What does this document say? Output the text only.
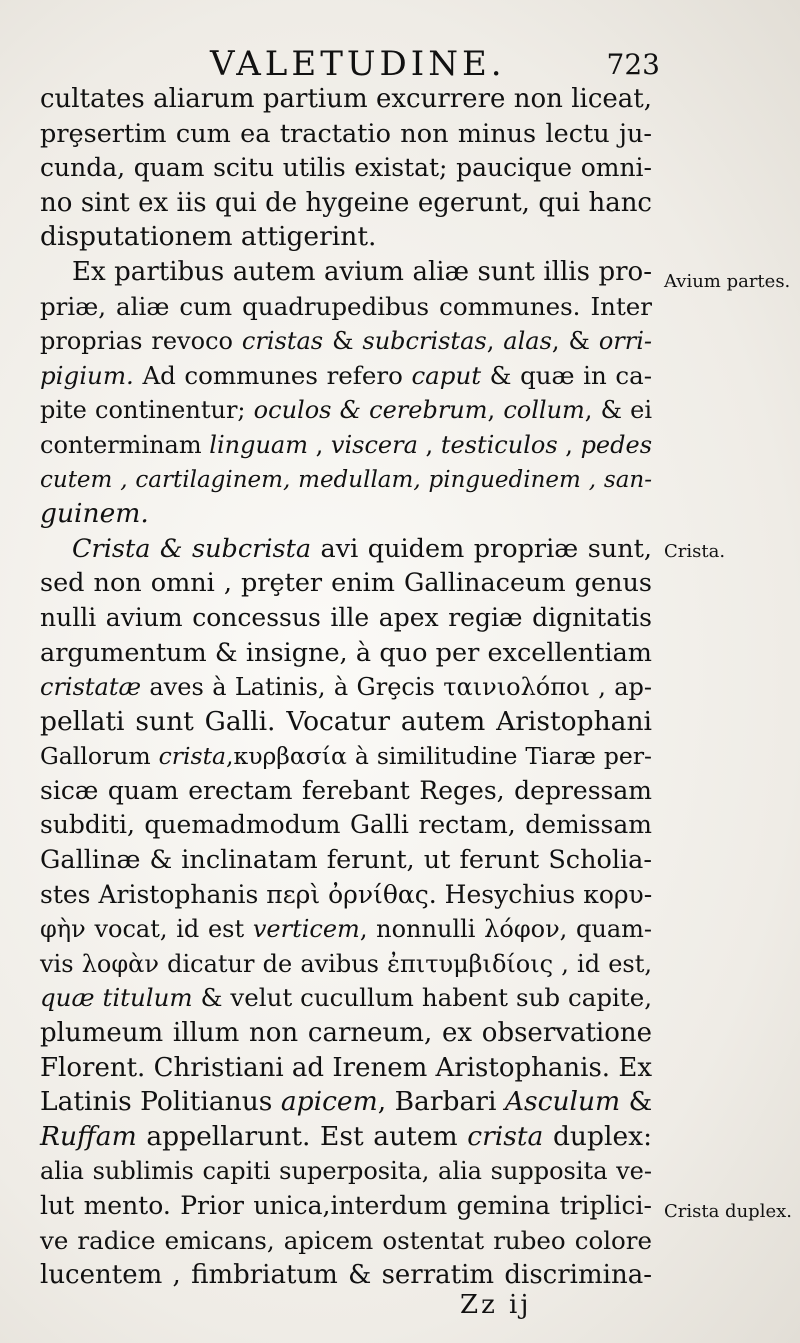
VALETUDINE.	723
cultates aliarum partium excurrere non liceat,
prȩsertim cum ea tractatio non minus lectu ju-
cunda, quam scitu utilis existat; paucique omni-
no sint ex iis qui de hygeine egerunt, qui hanc
disputationem attigerint.
Ex partibus autem avium aliæ sunt illis pro-
priæ, aliæ cum quadrupedibus communes. Inter
proprias revoco cristas & subcristas, alas, & orri-
pigium. Ad communes refero caput & quæ in ca-
pite continentur; oculos & cerebrum, collum, & ei
conterminam linguam , viscera , testiculos , pedes
cutem , cartilaginem, medullam, pinguedinem , san-
guinem.
Crista & subcrista avi quidem propriæ sunt,
sed non omni , prȩter enim Gallinaceum genus
nulli avium concessus ille apex regiæ dignitatis
argumentum & insigne, à quo per excellentiam
cristatæ aves à Latinis, à Grȩcis ταινιολόποι , ap-
pellati sunt Galli. Vocatur autem Aristophani
Gallorum crista,κυρβασία à similitudine Tiaræ per-
sicæ quam erectam ferebant Reges, depressam
subditi, quemadmodum Galli rectam, demissam
Gallinæ & inclinatam ferunt, ut ferunt Scholia-
stes Aristophanis περὶ ὀρνίθας. Hesychius κορυ-
φὴν vocat, id est verticem, nonnulli λόφον, quam-
vis λοφὰν dicatur de avibus ἐπιτυμβιδίοις , id est,
quæ titulum & velut cucullum habent sub capite,
plumeum illum non carneum, ex observatione
Florent. Christiani ad Irenem Aristophanis. Ex
Latinis Politianus apicem, Barbari Asculum &
Ruffam appellarunt. Est autem crista duplex:
alia sublimis capiti superposita, alia supposita ve-
lut mento. Prior unica,interdum gemina triplici-
ve radice emicans, apicem ostentat rubeo colore
lucentem , fimbriatum & serratim discrimina-
Avium partes.
Crista.
Crista duplex.
Zz ij
